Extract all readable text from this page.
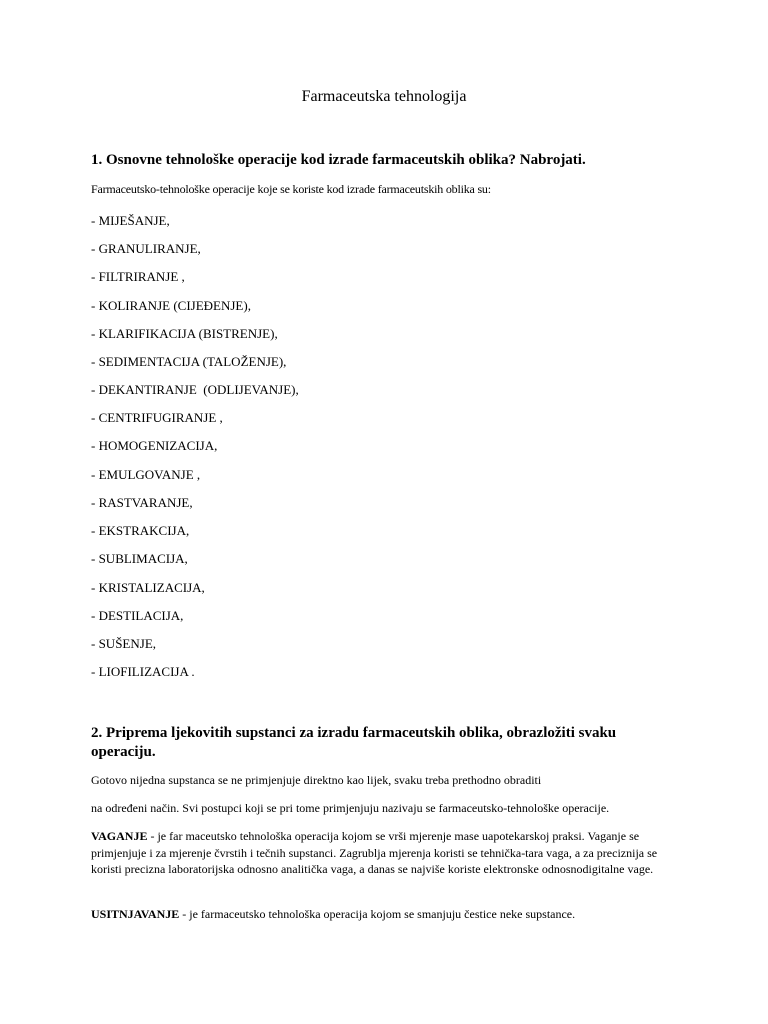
Farmaceutska tehnologija
1. Osnovne tehnološke operacije kod izrade farmaceutskih oblika? Nabrojati.
Farmaceutsko-tehnološke operacije koje se koriste kod izrade farmaceutskih oblika su:
- MIJEŠANJE,
- GRANULIRANJE,
- FILTRIRANJE ,
- KOLIRANJE (CIJEĐENJE),
- KLARIFIKACIJA (BISTRENJE),
- SEDIMENTACIJA (TALOŽENJE),
- DEKANTIRANJE  (ODLIJEVANJE),
- CENTRIFUGIRANJE ,
- HOMOGENIZACIJA,
- EMULGOVANJE ,
- RASTVARANJE,
- EKSTRAKCIJA,
- SUBLIMACIJA,
- KRISTALIZACIJA,
- DESTILACIJA,
- SUŠENJE,
- LIOFILIZACIJA .
2. Priprema ljekovitih supstanci za izradu farmaceutskih oblika, obrazložiti svaku
operaciju.
Gotovo nijedna supstanca se ne primjenjuje direktno kao lijek, svaku treba prethodno obraditi
na određeni način. Svi postupci koji se pri tome primjenjuju nazivaju se farmaceutsko-tehnološke operacije.
VAGANJE - je far maceutsko tehnološka operacija kojom se vrši mjerenje mase uapotekarskoj praksi. Vaganje se primjenjuje i za mjerenje čvrstih i tečnih supstanci. Zagrublja mjerenja koristi se tehnička-tara vaga, a za preciznija se koristi precizna laboratorijska odnosno analitička vaga, a danas se najviše koriste elektronske odnosnodigitalne vage.
USITNJAVANJE - je farmaceutsko tehnološka operacija kojom se smanjuju čestice neke supstance.
